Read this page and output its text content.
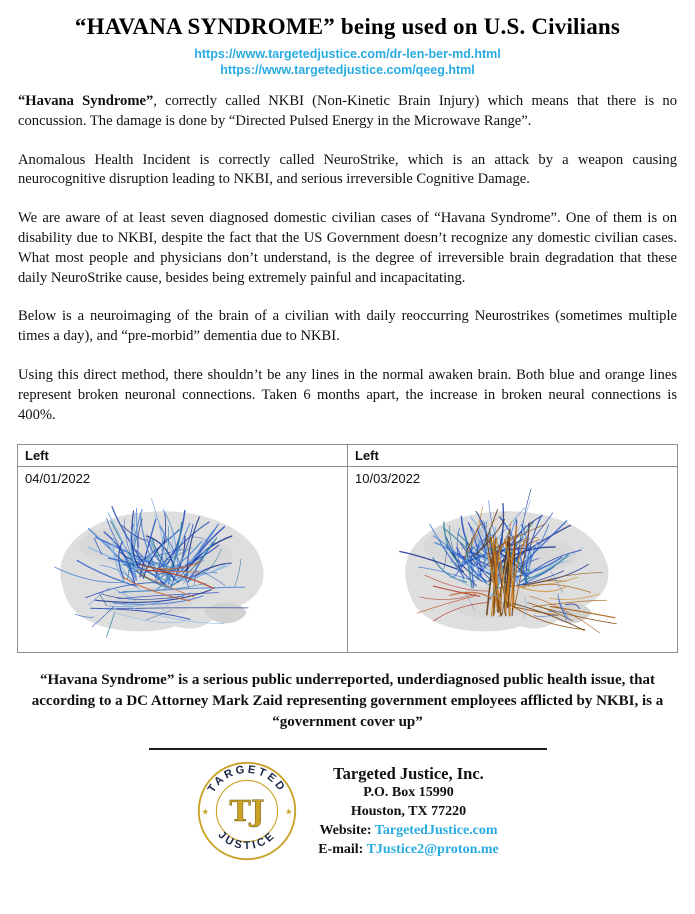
“HAVANA SYNDROME” being used on U.S. Civilians
https://www.targetedjustice.com/dr-len-ber-md.html
https://www.targetedjustice.com/qeeg.html

“Havana Syndrome”, correctly called NKBI (Non-Kinetic Brain Injury) which means that there is no concussion. The damage is done by “Directed Pulsed Energy in the Microwave Range”.

Anomalous Health Incident is correctly called NeuroStrike, which is an attack by a weapon causing neurocognitive disruption leading to NKBI, and serious irreversible Cognitive Damage.

We are aware of at least seven diagnosed domestic civilian cases of “Havana Syndrome”. One of them is on disability due to NKBI, despite the fact that the US Government doesn’t recognize any domestic civilian cases. What most people and physicians don’t understand, is the degree of irreversible brain degradation that these daily NeuroStrike cause, besides being extremely painful and incapacitating.

Below is a neuroimaging of the brain of a civilian with daily reoccurring Neurostrikes (sometimes multiple times a day), and “pre-morbid” dementia due to NKBI.

Using this direct method, there shouldn’t be any lines in the normal awaken brain. Both blue and orange lines represent broken neuronal connections. Taken 6 months apart, the increase in broken neural connections is 400%.

Left
04/01/2022
Left
10/03/2022

“Havana Syndrome” is a serious public underreported, underdiagnosed public health issue, that according to a DC Attorney Mark Zaid representing government employees afflicted by NKBI, is a “government cover up”

TARGETED
JUSTICE
★	★
TJ
Targeted Justice, Inc.
P.O. Box 15990
Houston, TX 77220
Website: TargetedJustice.com
E-mail: TJustice2@proton.me
